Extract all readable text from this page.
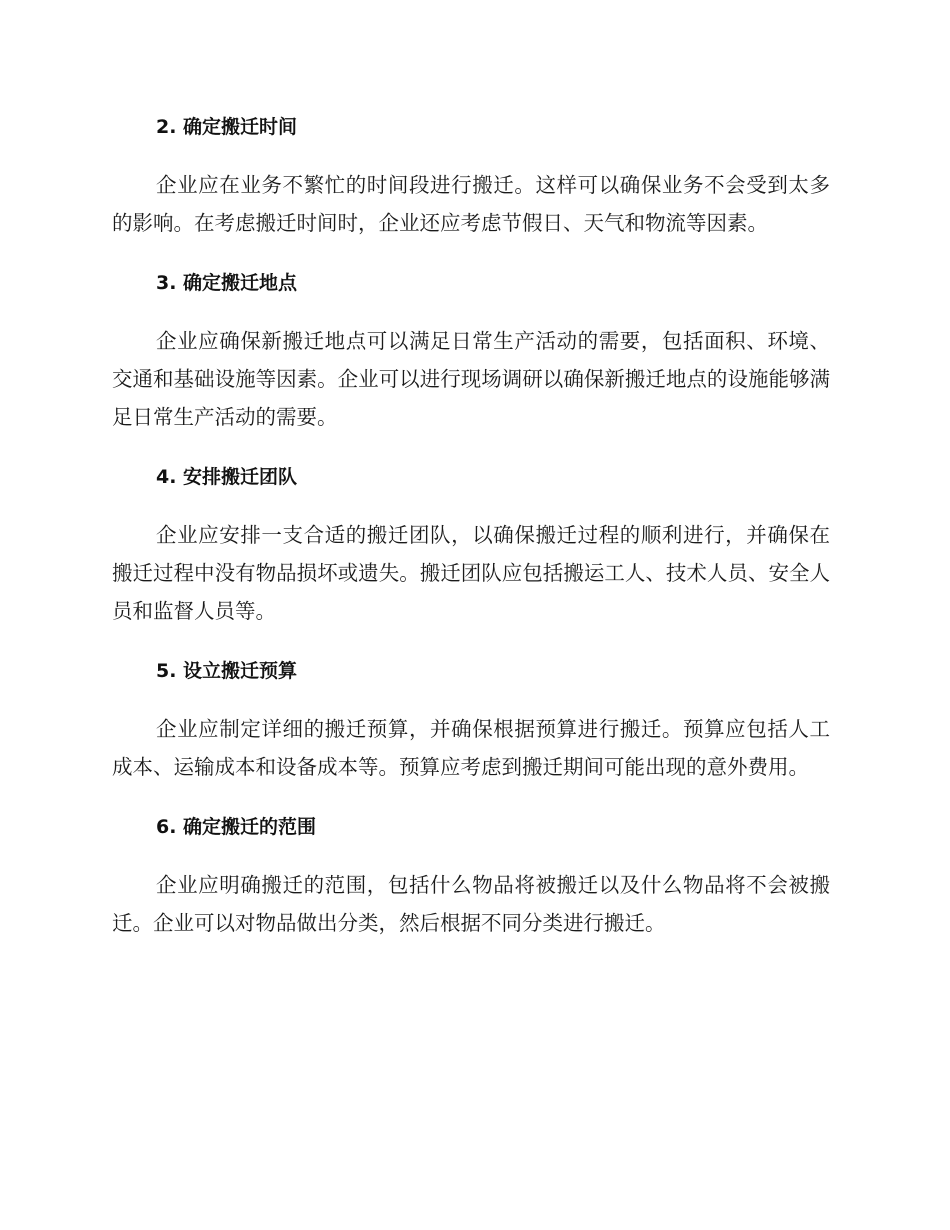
2. 确定搬迁时间

企业应在业务不繁忙的时间段进行搬迁。这样可以确保业务不会受到太多的影响。在考虑搬迁时间时，企业还应考虑节假日、天气和物流等因素。

3. 确定搬迁地点

企业应确保新搬迁地点可以满足日常生产活动的需要，包括面积、环境、交通和基础设施等因素。企业可以进行现场调研以确保新搬迁地点的设施能够满足日常生产活动的需要。

4. 安排搬迁团队

企业应安排一支合适的搬迁团队，以确保搬迁过程的顺利进行，并确保在搬迁过程中没有物品损坏或遗失。搬迁团队应包括搬运工人、技术人员、安全人员和监督人员等。

5. 设立搬迁预算

企业应制定详细的搬迁预算，并确保根据预算进行搬迁。预算应包括人工成本、运输成本和设备成本等。预算应考虑到搬迁期间可能出现的意外费用。

6. 确定搬迁的范围

企业应明确搬迁的范围，包括什么物品将被搬迁以及什么物品将不会被搬迁。企业可以对物品做出分类，然后根据不同分类进行搬迁。
